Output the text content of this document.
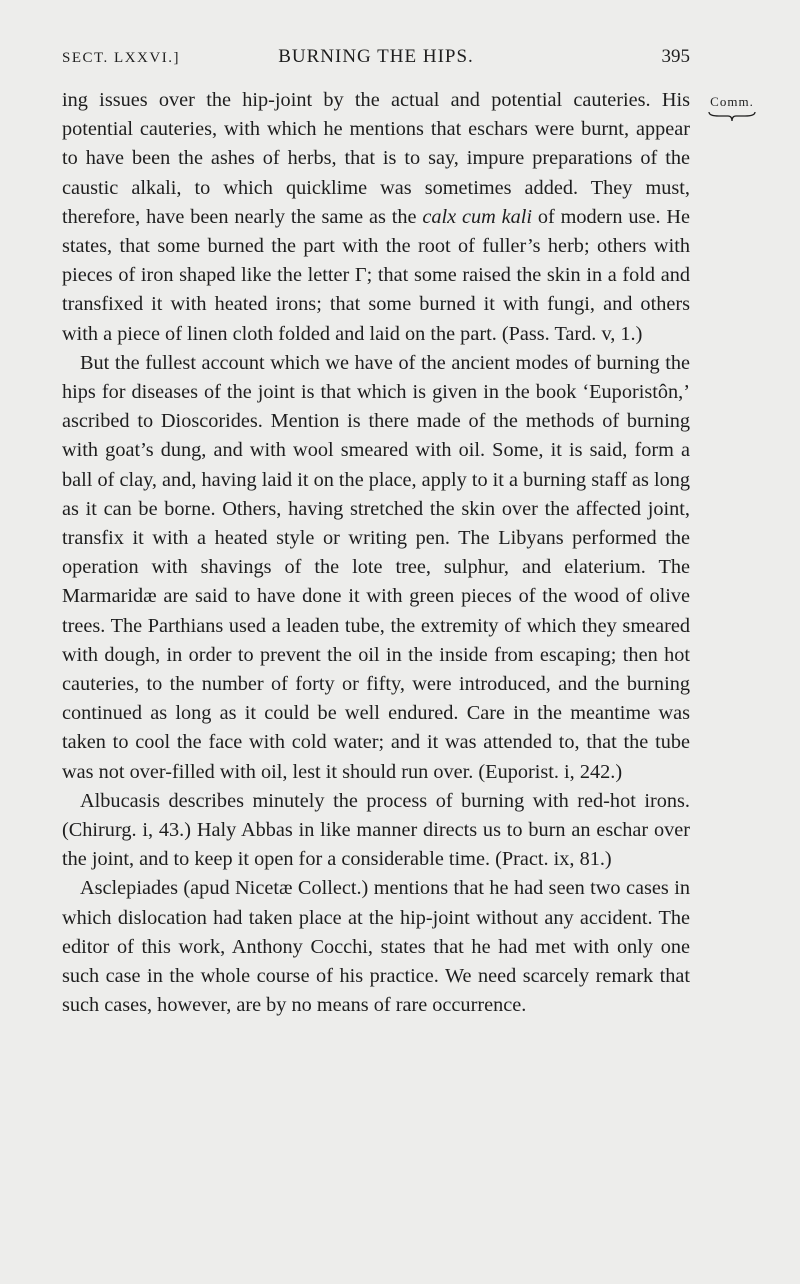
SECT. LXXVI.]	BURNING THE HIPS.	395
Comm.

ing issues over the hip-joint by the actual and potential cauteries. His potential cauteries, with which he mentions that eschars were burnt, appear to have been the ashes of herbs, that is to say, impure preparations of the caustic alkali, to which quicklime was sometimes added. They must, therefore, have been nearly the same as the calx cum kali of modern use. He states, that some burned the part with the root of fuller’s herb; others with pieces of iron shaped like the letter Γ; that some raised the skin in a fold and transfixed it with heated irons; that some burned it with fungi, and others with a piece of linen cloth folded and laid on the part. (Pass. Tard. v, 1.)

But the fullest account which we have of the ancient modes of burning the hips for diseases of the joint is that which is given in the book ‘Euporistôn,’ ascribed to Dioscorides. Mention is there made of the methods of burning with goat’s dung, and with wool smeared with oil. Some, it is said, form a ball of clay, and, having laid it on the place, apply to it a burning staff as long as it can be borne. Others, having stretched the skin over the affected joint, transfix it with a heated style or writing pen. The Libyans performed the operation with shavings of the lote tree, sulphur, and elaterium. The Marmaridæ are said to have done it with green pieces of the wood of olive trees. The Parthians used a leaden tube, the extremity of which they smeared with dough, in order to prevent the oil in the inside from escaping; then hot cauteries, to the number of forty or fifty, were introduced, and the burning continued as long as it could be well endured. Care in the meantime was taken to cool the face with cold water; and it was attended to, that the tube was not over-filled with oil, lest it should run over. (Euporist. i, 242.)

Albucasis describes minutely the process of burning with red-hot irons. (Chirurg. i, 43.) Haly Abbas in like manner directs us to burn an eschar over the joint, and to keep it open for a considerable time. (Pract. ix, 81.)

Asclepiades (apud Nicetæ Collect.) mentions that he had seen two cases in which dislocation had taken place at the hip-joint without any accident. The editor of this work, Anthony Cocchi, states that he had met with only one such case in the whole course of his practice. We need scarcely remark that such cases, however, are by no means of rare occurrence.
